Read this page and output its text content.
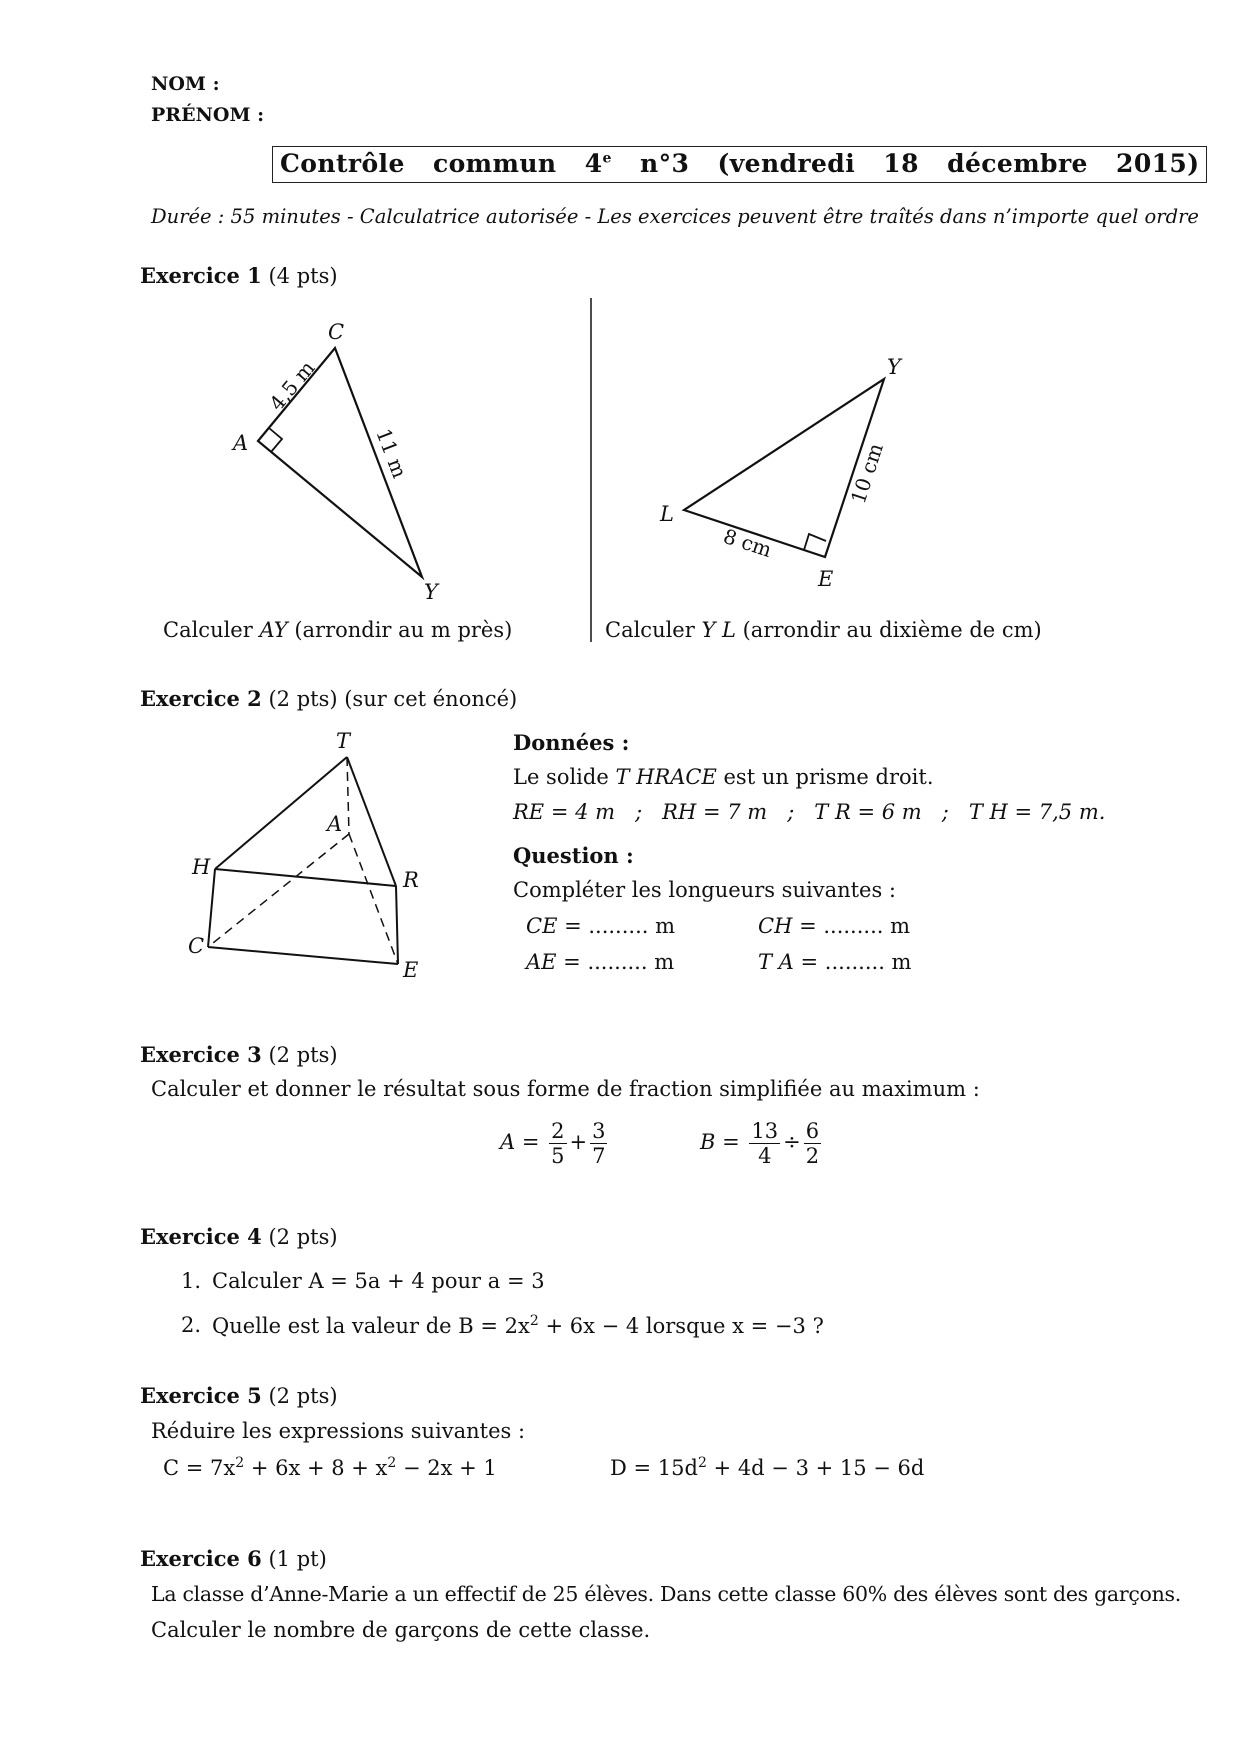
NOM :
PRÉNOM :
Contrôle  commun  4e  n°3  (vendredi  18  décembre  2015)
Durée : 55 minutes - Calculatrice autorisée - Les exercices peuvent être traîtés dans n’importe quel ordre
Exercice 1 (4 pts)
C
A
Y
4,5 m
11 m
Y
L
E
8 cm
10 cm
Calculer AY (arrondir au m près)	Calculer Y L (arrondir au dixième de cm)
Exercice 2 (2 pts) (sur cet énoncé)
T
A
H
R
C
E
Données :
Le solide T HRACE est un prisme droit.
RE = 4 m   ;   RH = 7 m   ;   T R = 6 m   ;   T H = 7,5 m.
Question :
Compléter les longueurs suivantes :
CE = ......... m	CH = ......... m
AE = ......... m	T A = ......... m
Exercice 3 (2 pts)
Calculer et donner le résultat sous forme de fraction simplifiée au maximum :
$A = \frac{2}{5} + \frac{3}{7}$	$B = \frac{13}{4} \div \frac{6}{2}$
Exercice 4 (2 pts)
1. Calculer A = 5a + 4 pour a = 3
2. Quelle est la valeur de $B = 2x^2 + 6x - 4$ lorsque x = −3 ?
Exercice 5 (2 pts)
Réduire les expressions suivantes :
$C = 7x^2 + 6x + 8 + x^2 - 2x + 1$	$D = 15d^2 + 4d - 3 + 15 - 6d$
Exercice 6 (1 pt)
La classe d’Anne-Marie a un effectif de 25 élèves. Dans cette classe 60% des élèves sont des garçons.
Calculer le nombre de garçons de cette classe.
